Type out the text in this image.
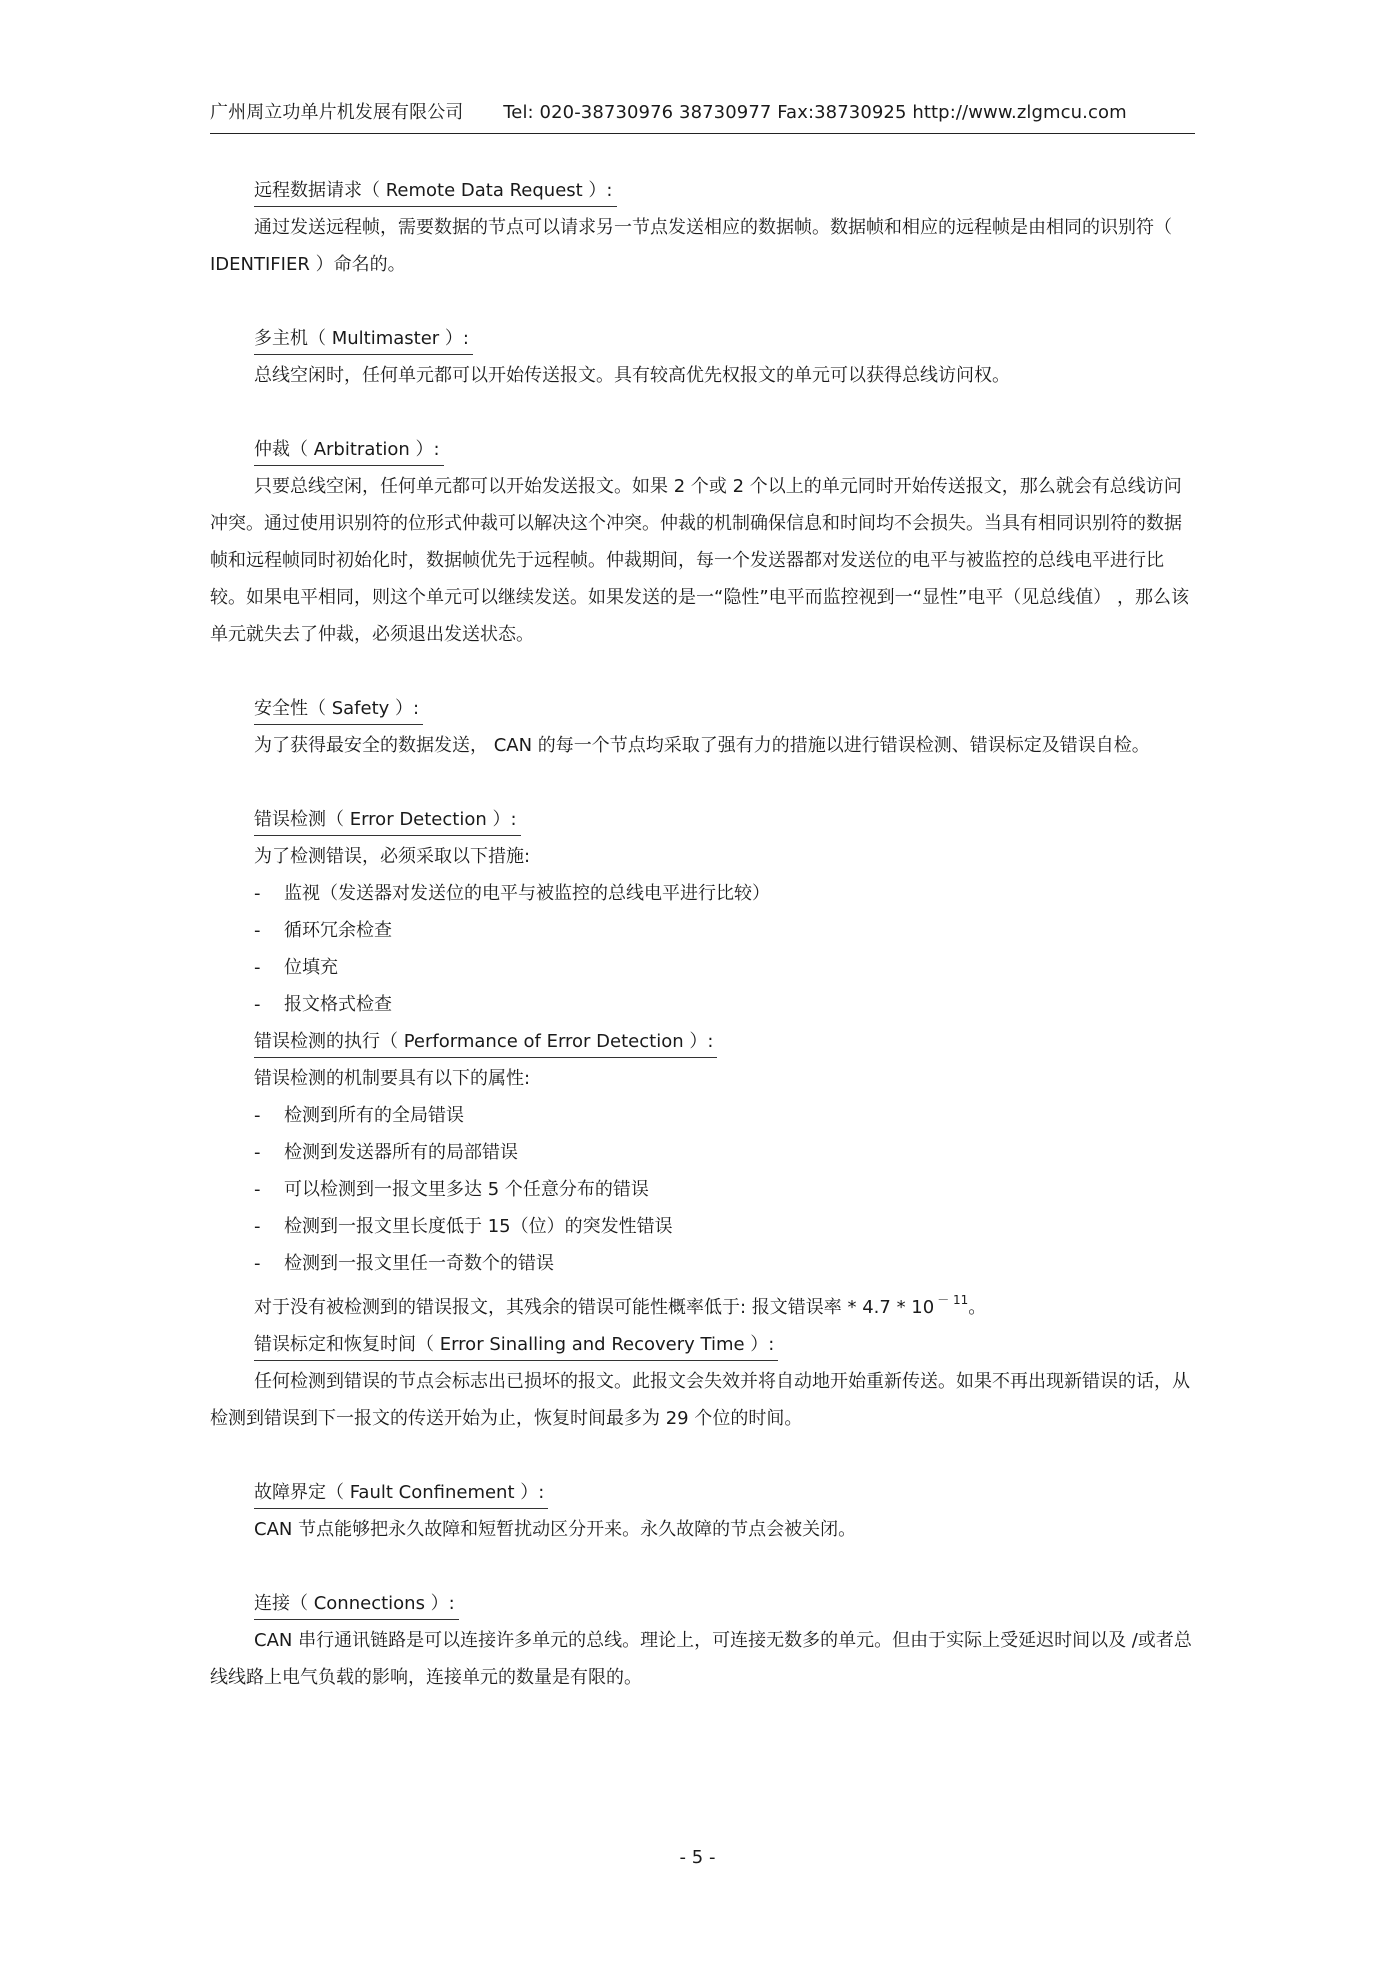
广州周立功单片机发展有限公司 Tel: 020-38730976 38730977 Fax:38730925 http://www.zlgmcu.com
远程数据请求（ Remote Data Request ）:

通过发送远程帧，需要数据的节点可以请求另一节点发送相应的数据帧。数据帧和相应的远程帧是由相同的识别符（ IDENTIFIER ）命名的。

多主机（ Multimaster ）:

总线空闲时，任何单元都可以开始传送报文。具有较高优先权报文的单元可以获得总线访问权。

仲裁（ Arbitration ）:

只要总线空闲，任何单元都可以开始发送报文。如果 2 个或 2 个以上的单元同时开始传送报文，那么就会有总线访问冲突。通过使用识别符的位形式仲裁可以解决这个冲突。仲裁的机制确保信息和时间均不会损失。当具有相同识别符的数据帧和远程帧同时初始化时，数据帧优先于远程帧。仲裁期间，每一个发送器都对发送位的电平与被监控的总线电平进行比较。如果电平相同，则这个单元可以继续发送。如果发送的是一“隐性”电平而监控视到一“显性”电平（见总线值） ，那么该单元就失去了仲裁，必须退出发送状态。

安全性（ Safety ）:

为了获得最安全的数据发送， CAN 的每一个节点均采取了强有力的措施以进行错误检测、错误标定及错误自检。

错误检测（ Error Detection ）:

为了检测错误，必须采取以下措施:

- 监视（发送器对发送位的电平与被监控的总线电平进行比较）
- 循环冗余检查
- 位填充
- 报文格式检查
错误检测的执行（ Performance of Error Detection ）:

错误检测的机制要具有以下的属性:

- 检测到所有的全局错误
- 检测到发送器所有的局部错误
- 可以检测到一报文里多达 5 个任意分布的错误
- 检测到一报文里长度低于 15（位）的突发性错误
- 检测到一报文里任一奇数个的错误

对于没有被检测到的错误报文，其残余的错误可能性概率低于: 报文错误率 * 4.7 * 10 $^{- 11}$。

错误标定和恢复时间（ Error Sinalling and Recovery Time ）:

任何检测到错误的节点会标志出已损坏的报文。此报文会失效并将自动地开始重新传送。如果不再出现新错误的话，从检测到错误到下一报文的传送开始为止，恢复时间最多为 29 个位的时间。

故障界定（ Fault Confinement ）:

CAN 节点能够把永久故障和短暂扰动区分开来。永久故障的节点会被关闭。

连接（ Connections ）:

CAN 串行通讯链路是可以连接许多单元的总线。理论上，可连接无数多的单元。但由于实际上受延迟时间以及 /或者总线线路上电气负载的影响，连接单元的数量是有限的。

- 5 -
